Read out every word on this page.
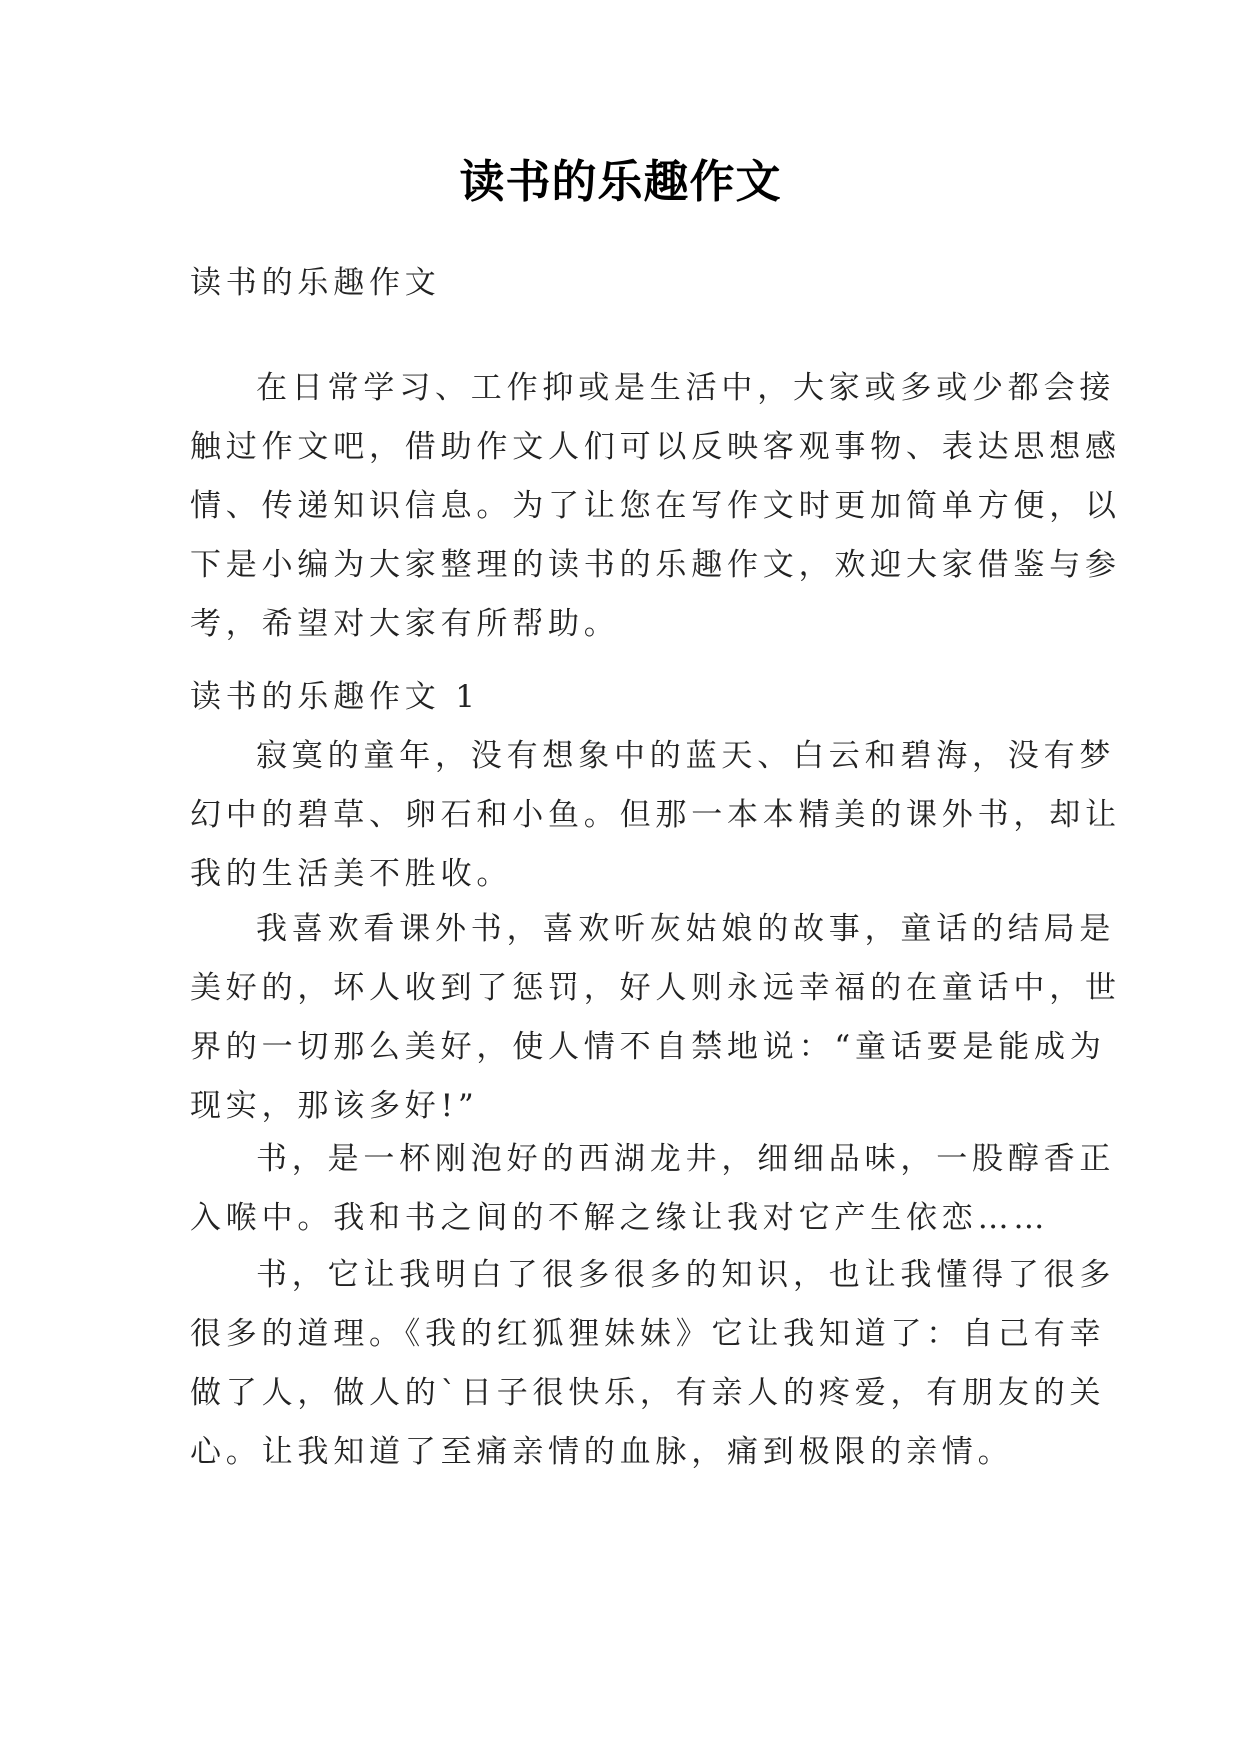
读书的乐趣作文
读书的乐趣作文
在日常学习、工作抑或是生活中，大家或多或少都会接
触过作文吧，借助作文人们可以反映客观事物、表达思想感
情、传递知识信息。为了让您在写作文时更加简单方便，以
下是小编为大家整理的读书的乐趣作文，欢迎大家借鉴与参
考，希望对大家有所帮助。
读书的乐趣作文 1
寂寞的童年，没有想象中的蓝天、白云和碧海，没有梦
幻中的碧草、卵石和小鱼。但那一本本精美的课外书，却让
我的生活美不胜收。
我喜欢看课外书，喜欢听灰姑娘的故事，童话的结局是
美好的，坏人收到了惩罚，好人则永远幸福的在童话中，世
界的一切那么美好，使人情不自禁地说：“童话要是能成为
现实，那该多好!”
书，是一杯刚泡好的西湖龙井，细细品味，一股醇香正
入喉中。我和书之间的不解之缘让我对它产生依恋……
书，它让我明白了很多很多的知识，也让我懂得了很多
很多的道理。《我的红狐狸妹妹》它让我知道了：自己有幸
做了人，做人的`日子很快乐，有亲人的疼爱，有朋友的关
心。让我知道了至痛亲情的血脉，痛到极限的亲情。
